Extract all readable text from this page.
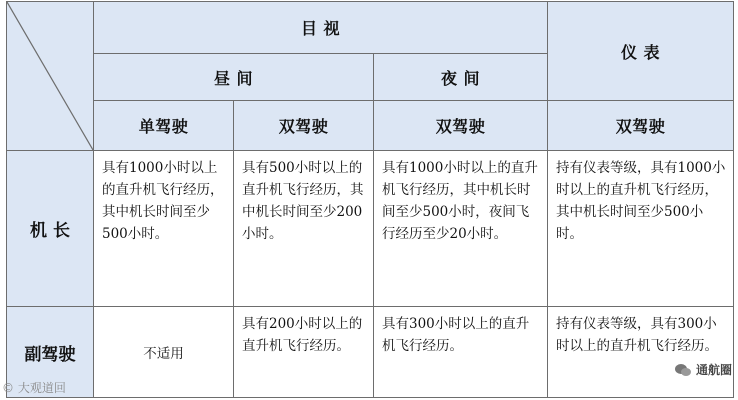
	目 视			仪 表
	昼 间		夜 间	
	单驾驶	双驾驶	双驾驶	双驾驶
机 长	具有1000小时以上的直升机飞行经历，其中机长时间至少500小时。	具有500小时以上的直升机飞行经历，其中机长时间至少200小时。	具有1000小时以上的直升机飞行经历，其中机长时间至少500小时，夜间飞行经历至少20小时。	持有仪表等级，具有1000小时以上的直升机飞行经历，其中机长时间至少500小时。
副驾驶	不适用	具有200小时以上的直升机飞行经历。	具有300小时以上的直升机飞行经历。	持有仪表等级，具有300小时以上的直升机飞行经历。
© 大观道回
通航圈
